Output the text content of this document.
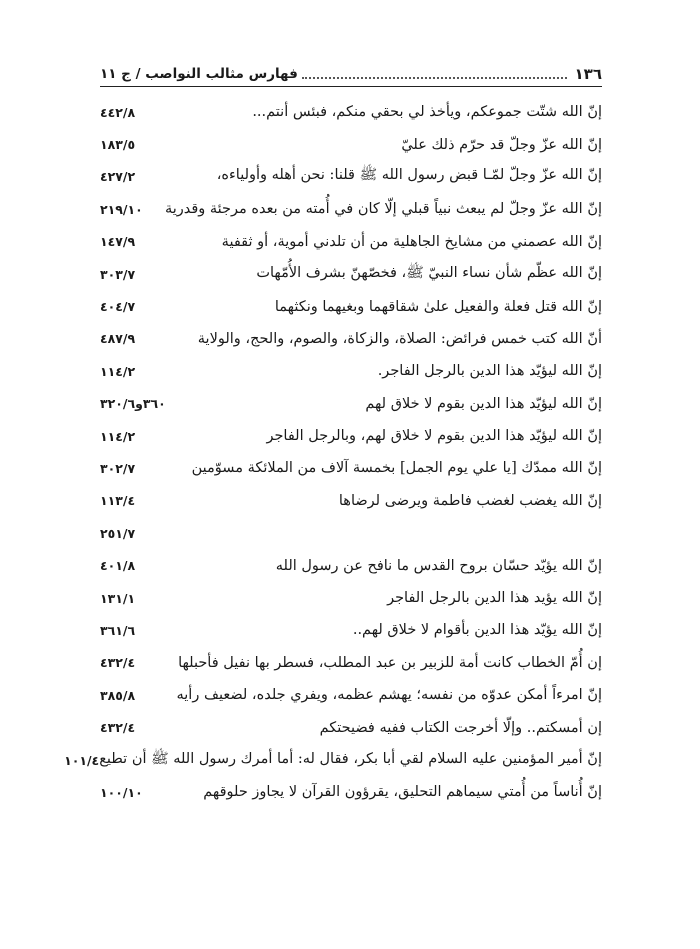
١٣٦
فهارس مثالب النواصب / ج ١١
إنّ الله شتّت جموعكم، ويأخذ لي بحقي منكم، فبئس أنتم...
٤٤٢/٨
إنّ الله عزّ وجلّ قد حرّم ذلك عليّ
١٨٣/٥
إنّ الله عزّ وجلّ لمّـا قبض رسول الله ﷺ قلنا: نحن أهله وأولياءه،
٤٢٧/٢
إنّ الله عزّ وجلّ لم يبعث نبياً قبلي إلّا كان في أُمته من بعده مرجئة وقدرية
٢١٩/١٠
إنّ الله عصمني من مشايخ الجاهلية من أن تلدني أموية، أو ثقفية
١٤٧/٩
إنّ الله عظّم شأن نساء النبيّ ﷺ، فخصّهنّ بشرف الأُمّهات
٣٠٣/٧
إنّ الله قتل فعلة والفعيل علىٰ شقاقهما وبغيهما ونكثهما
٤٠٤/٧
أنّ الله كتب خمس فرائض: الصلاة، والزكاة، والصوم، والحج، والولاية
٤٨٧/٩
إنّ الله ليؤيّد هذا الدين بالرجل الفاجر.
١١٤/٢
إنّ الله ليؤيّد هذا الدين بقوم لا خلاق لهم
٣٦٠و٣٢٠/٦
إنّ الله ليؤيّد هذا الدين بقوم لا خلاق لهم، وبالرجل الفاجر
١١٤/٢
إنّ الله ممدّك [يا علي يوم الجمل] بخمسة آلاف من الملائكة مسوّمين
٣٠٢/٧
إنّ الله يغضب لغضب فاطمة ويرضى لرضاها
١١٣/٤
٢٥١/٧
إنّ الله يؤيّد حسّان بروح القدس ما نافح عن رسول الله
٤٠١/٨
إنّ الله يؤيد هذا الدين بالرجل الفاجر
١٣١/١
إنّ الله يؤيّد هذا الدين بأقوام لا خلاق لهم..
٣٦١/٦
إن أُمّ الخطاب كانت أمة للزبير بن عبد المطلب، فسطر بها نفيل فأحبلها
٤٣٢/٤
إنّ امرءاً أمكن عدوّه من نفسه؛ يهشم عظمه، ويفري جلده، لضعيف رأيه
٣٨٥/٨
إن أمسكتم.. وإلّا أخرجت الكتاب ففيه فضيحتكم
٤٣٢/٤
إنّ أمير المؤمنين عليه السلام لقي أبا بكر، فقال له: أما أمرك رسول الله ﷺ أن تطيع
١٠١/٤
إنّ أُناساً من أُمتي سيماهم التحليق، يقرؤون القرآن لا يجاوز حلوقهم
١٠٠/١٠
